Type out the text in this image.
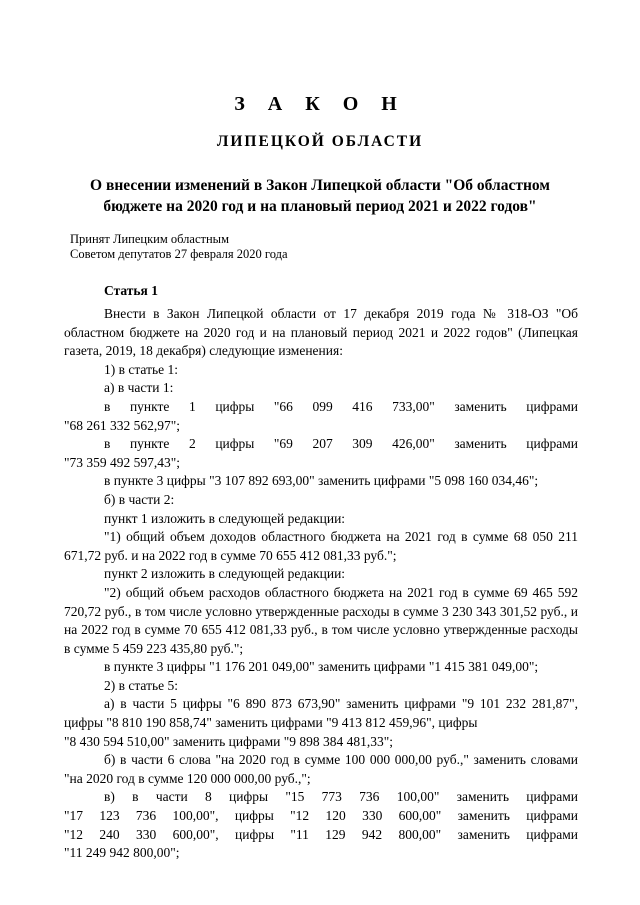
З А К О Н
ЛИПЕЦКОЙ ОБЛАСТИ
О внесении изменений в Закон Липецкой области "Об областном бюджете на 2020 год и на плановый период 2021 и 2022 годов"
Принят Липецким областным
Советом депутатов 27 февраля 2020 года
Статья 1

Внести в Закон Липецкой области от 17 декабря 2019 года № 318-ОЗ "Об областном бюджете на 2020 год и на плановый период 2021 и 2022 годов" (Липецкая газета, 2019, 18 декабря) следующие изменения:

1) в статье 1:

а) в части 1:

в пункте 1 цифры "66 099 416 733,00" заменить цифрами

"68 261 332 562,97";

в пункте 2 цифры "69 207 309 426,00" заменить цифрами

"73 359 492 597,43";

в пункте 3 цифры "3 107 892 693,00" заменить цифрами "5 098 160 034,46";

б) в части 2:

пункт 1 изложить в следующей редакции:

"1) общий объем доходов областного бюджета на 2021 год в сумме 68 050 211 671,72 руб. и на 2022 год в сумме 70 655 412 081,33 руб.";

пункт 2 изложить в следующей редакции:

"2) общий объем расходов областного бюджета на 2021 год в сумме 69 465 592 720,72 руб., в том числе условно утвержденные расходы в сумме 3 230 343 301,52 руб., и на 2022 год в сумме 70 655 412 081,33 руб., в том числе условно утвержденные расходы в сумме 5 459 223 435,80 руб.";

в пункте 3 цифры "1 176 201 049,00" заменить цифрами "1 415 381 049,00";

2) в статье 5:

а) в части 5 цифры "6 890 873 673,90" заменить цифрами "9 101 232 281,87",

цифры "8 810 190 858,74" заменить цифрами "9 413 812 459,96", цифры

"8 430 594 510,00" заменить цифрами "9 898 384 481,33";

б) в части 6 слова "на 2020 год в сумме 100 000 000,00 руб.," заменить словами "на 2020 год в сумме 120 000 000,00 руб.,";

в) в части 8 цифры "15 773 736 100,00" заменить цифрами

"17 123 736 100,00", цифры "12 120 330 600,00" заменить цифрами

"12 240 330 600,00", цифры "11 129 942 800,00" заменить цифрами

"11 249 942 800,00";
